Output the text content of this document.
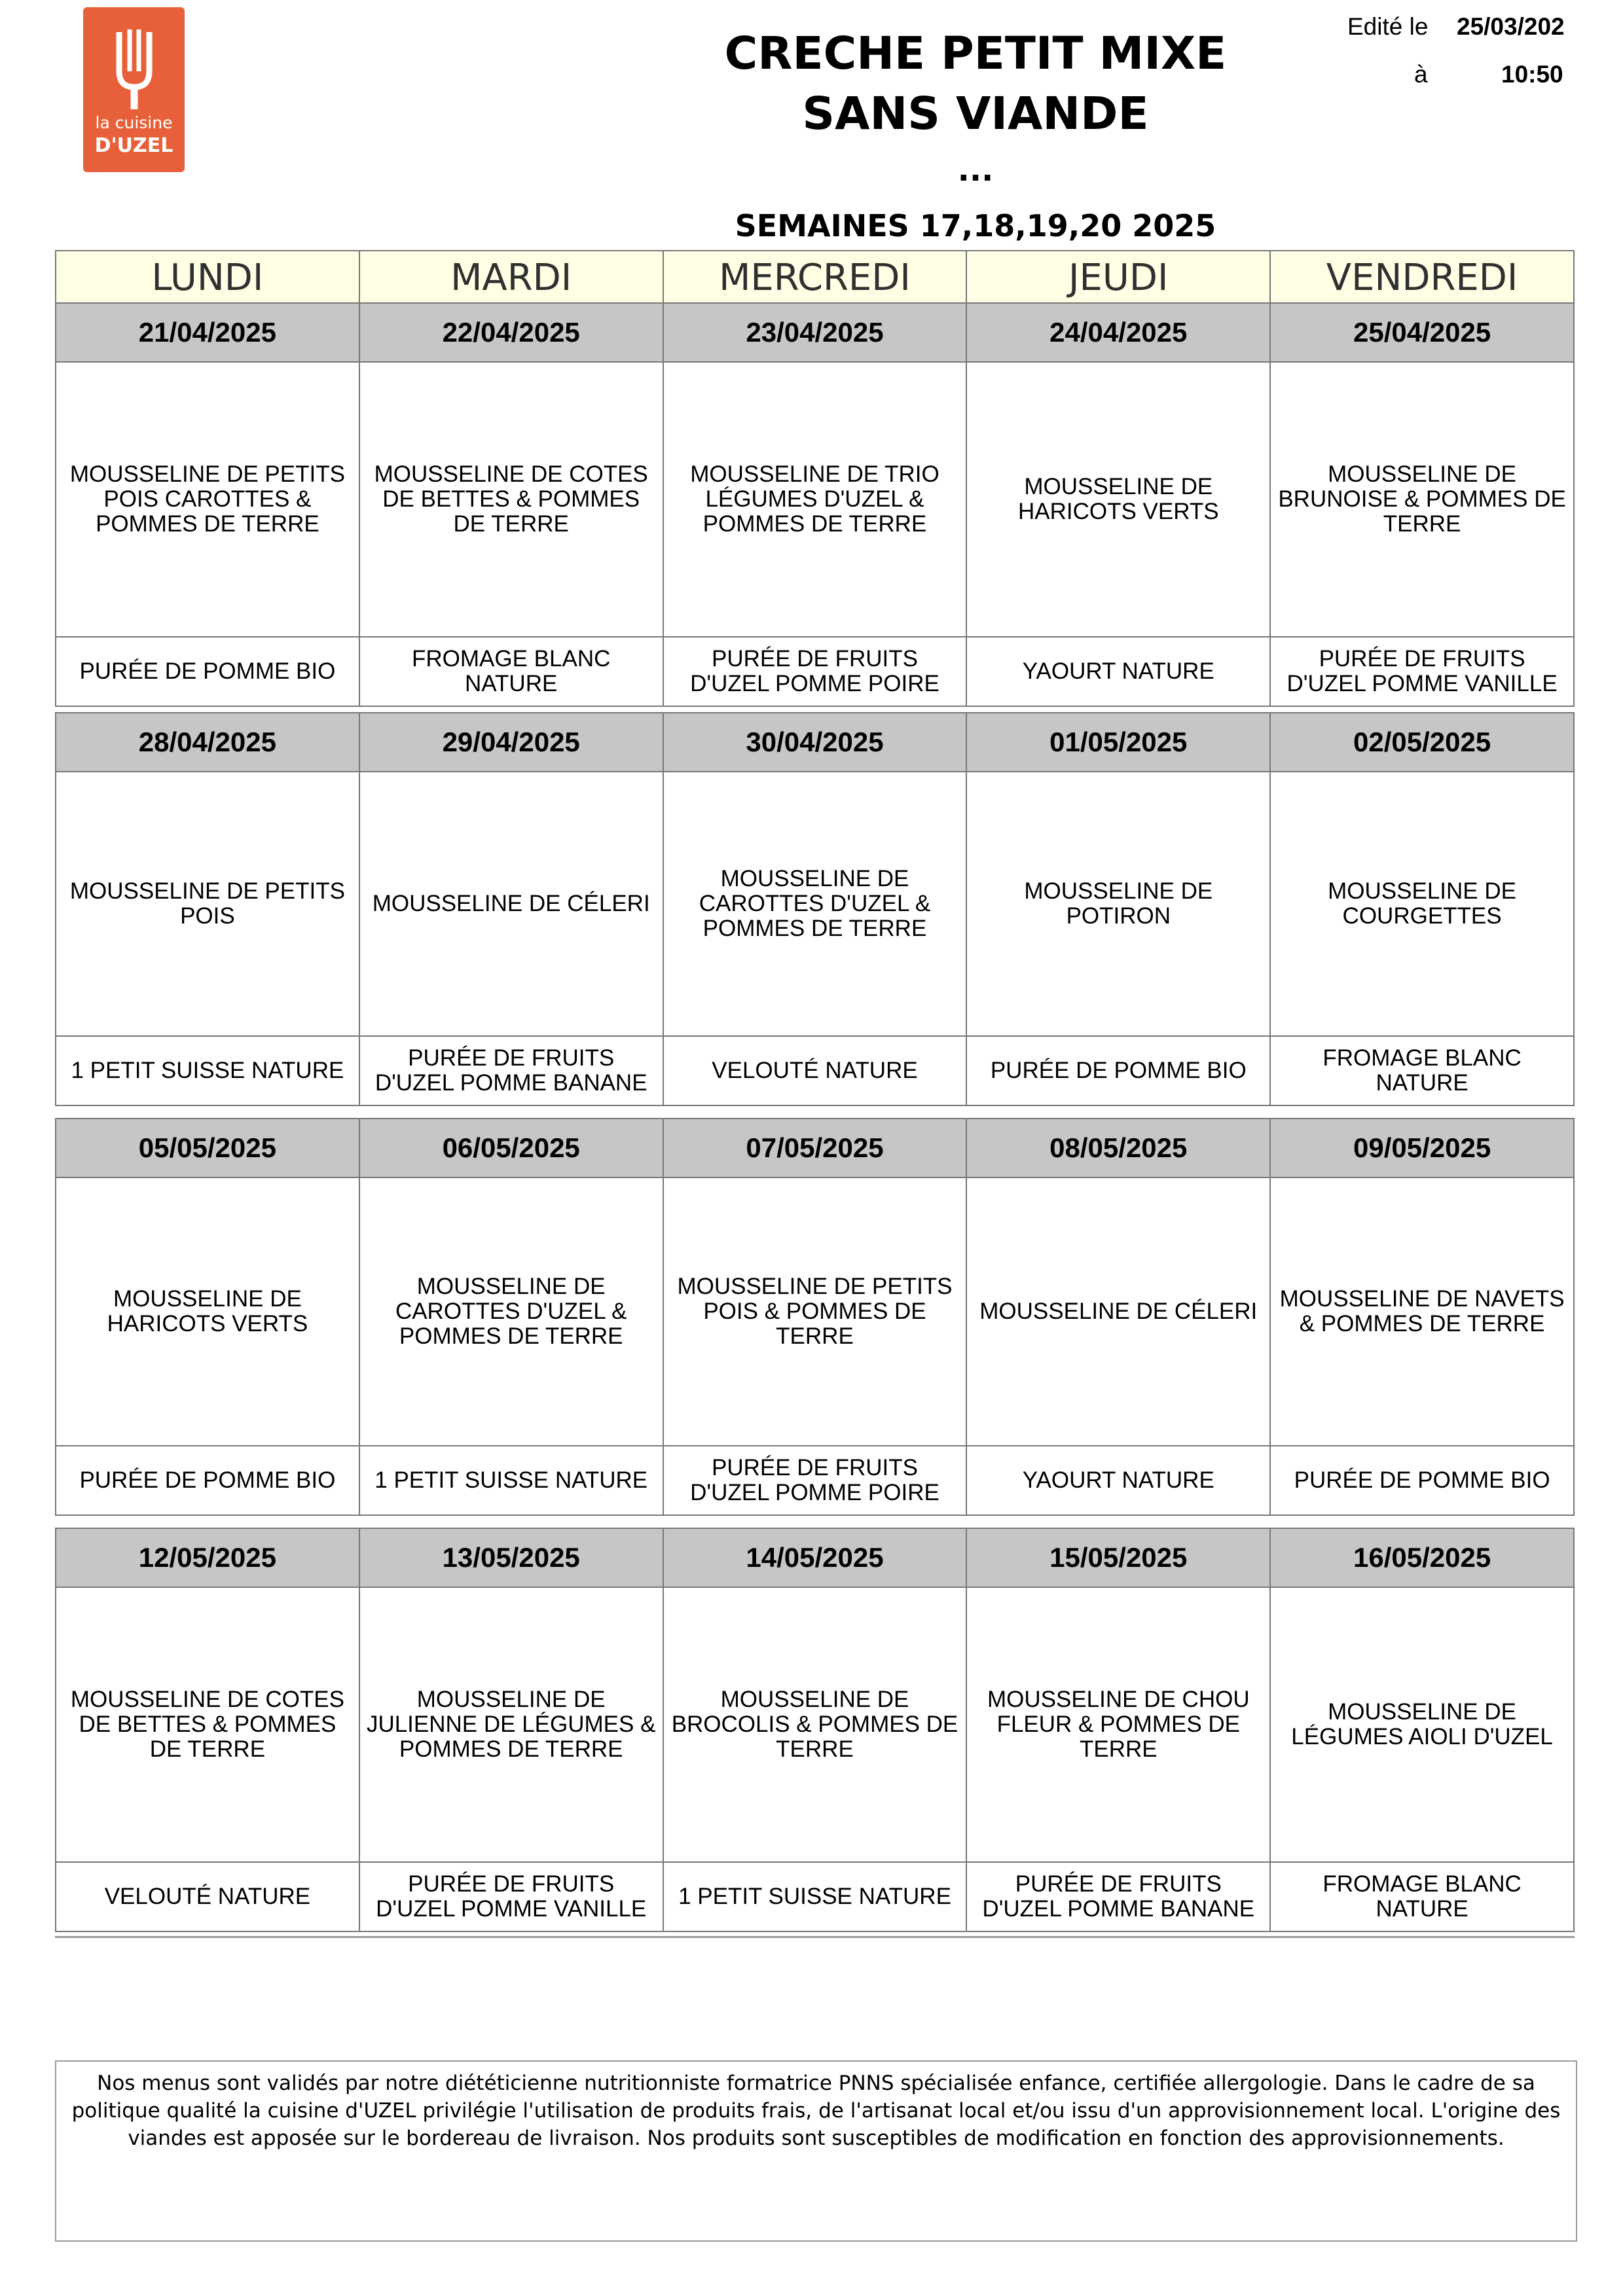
la cuisine
D'UZEL
CRECHE PETIT MIXE SANS VIANDE
...
SEMAINES 17,18,19,20 2025
Edité le 25/03/202
à	10:50
LUNDI	MARDI	MERCREDI	JEUDI	VENDREDI
21/04/2025	22/04/2025	23/04/2025	24/04/2025	25/04/2025
MOUSSELINE DE PETITS POIS CAROTTES & POMMES DE TERRE	MOUSSELINE DE COTES DE BETTES & POMMES DE TERRE	MOUSSELINE DE TRIO LÉGUMES D'UZEL & POMMES DE TERRE	MOUSSELINE DE HARICOTS VERTS	MOUSSELINE DE BRUNOISE & POMMES DE TERRE
PURÉE DE POMME BIO	FROMAGE BLANC NATURE	PURÉE DE FRUITS D'UZEL POMME POIRE	YAOURT NATURE	PURÉE DE FRUITS D'UZEL POMME VANILLE
28/04/2025	29/04/2025	30/04/2025	01/05/2025	02/05/2025
MOUSSELINE DE PETITS POIS	MOUSSELINE DE CÉLERI	MOUSSELINE DE CAROTTES D'UZEL & POMMES DE TERRE	MOUSSELINE DE POTIRON	MOUSSELINE DE COURGETTES
1 PETIT SUISSE NATURE	PURÉE DE FRUITS D'UZEL POMME BANANE	VELOUTÉ NATURE	PURÉE DE POMME BIO	FROMAGE BLANC NATURE
05/05/2025	06/05/2025	07/05/2025	08/05/2025	09/05/2025
MOUSSELINE DE HARICOTS VERTS	MOUSSELINE DE CAROTTES D'UZEL & POMMES DE TERRE	MOUSSELINE DE PETITS POIS & POMMES DE TERRE	MOUSSELINE DE CÉLERI	MOUSSELINE DE NAVETS & POMMES DE TERRE
PURÉE DE POMME BIO	1 PETIT SUISSE NATURE	PURÉE DE FRUITS D'UZEL POMME POIRE	YAOURT NATURE	PURÉE DE POMME BIO
12/05/2025	13/05/2025	14/05/2025	15/05/2025	16/05/2025
MOUSSELINE DE COTES DE BETTES & POMMES DE TERRE	MOUSSELINE DE JULIENNE DE LÉGUMES & POMMES DE TERRE	MOUSSELINE DE BROCOLIS & POMMES DE TERRE	MOUSSELINE DE CHOU FLEUR & POMMES DE TERRE	MOUSSELINE DE LÉGUMES AIOLI D'UZEL
VELOUTÉ NATURE	PURÉE DE FRUITS D'UZEL POMME VANILLE	1 PETIT SUISSE NATURE	PURÉE DE FRUITS D'UZEL POMME BANANE	FROMAGE BLANC NATURE
Nos menus sont validés par notre diététicienne nutritionniste formatrice PNNS spécialisée enfance, certifiée allergologie. Dans le cadre de sa politique qualité la cuisine d'UZEL privilégie l'utilisation de produits frais, de l'artisanat local et/ou issu d'un approvisionnement local. L'origine des viandes est apposée sur le bordereau de livraison. Nos produits sont susceptibles de modification en fonction des approvisionnements.
